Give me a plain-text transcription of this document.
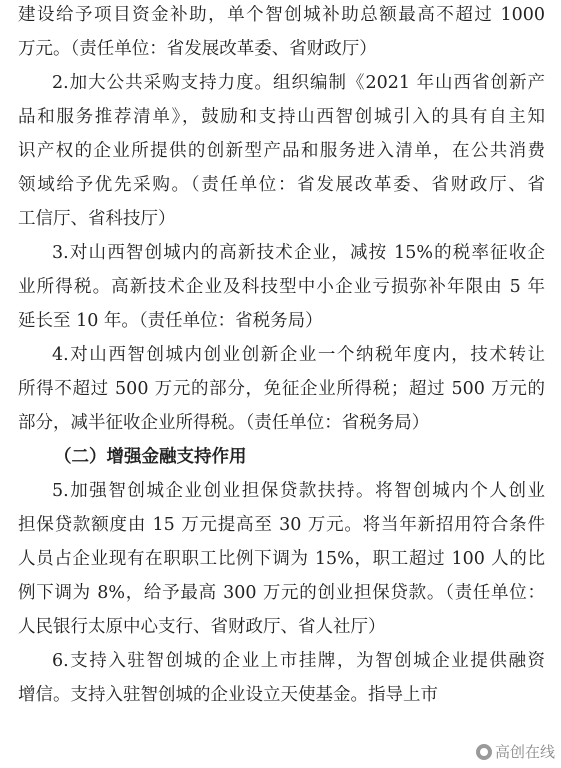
建设给予项目资金补助，单个智创城补助总额最高不超过 1000
万元。（责任单位：省发展改革委、省财政厅）
2.加大公共采购支持力度。组织编制《2021 年山西省创新产
品和服务推荐清单》，鼓励和支持山西智创城引入的具有自主知
识产权的企业所提供的创新型产品和服务进入清单，在公共消费
领域给予优先采购。（责任单位：省发展改革委、省财政厅、省
工信厅、省科技厅）
3.对山西智创城内的高新技术企业，减按 15%的税率征收企
业所得税。高新技术企业及科技型中小企业亏损弥补年限由 5 年
延长至 10 年。（责任单位：省税务局）
4.对山西智创城内创业创新企业一个纳税年度内，技术转让
所得不超过 500 万元的部分，免征企业所得税；超过 500 万元的
部分，减半征收企业所得税。（责任单位：省税务局）
（二）增强金融支持作用
5.加强智创城企业创业担保贷款扶持。将智创城内个人创业
担保贷款额度由 15 万元提高至 30 万元。将当年新招用符合条件
人员占企业现有在职职工比例下调为 15%，职工超过 100 人的比
例下调为 8%，给予最高 300 万元的创业担保贷款。（责任单位：
人民银行太原中心支行、省财政厅、省人社厅）
6.支持入驻智创城的企业上市挂牌，为智创城企业提供融资
增信。支持入驻智创城的企业设立天使基金。指导上市
高创在线
